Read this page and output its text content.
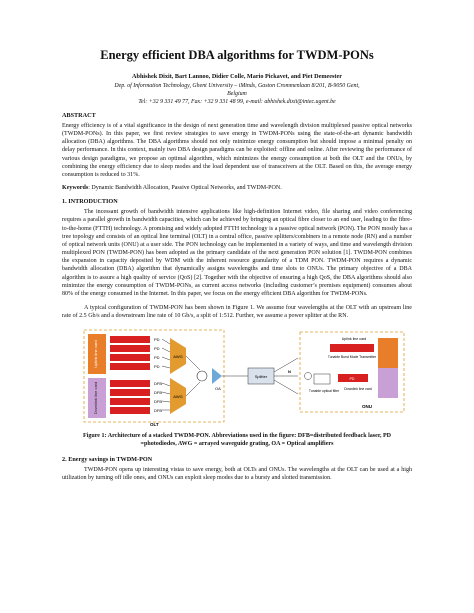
Energy efficient DBA algorithms for TWDM-PONs
Abhishek Dixit, Bart Lannoo, Didier Colle, Mario Pickavet, and Piet Demeester
Dep. of Information Technology, Ghent University – iMinds, Gaston Crommenlaan 8/201, B-9050 Gent,
Belgium
Tel: +32 9 331 49 77, Fax: +32 9 331 48 99, e-mail: abhishek.dixit@intec.ugent.be
ABSTRACT

Energy efficiency is of a vital significance in the design of next generation time and wavelength division multiplexed passive optical networks (TWDM-PONs). In this paper, we first review strategies to save energy in TWDM-PONs using the state-of-the-art dynamic bandwidth allocation (DBA) algorithms. The DBA algorithms should not only minimize energy consumption but should impose a minimal penalty on delay performance. In this context, mainly two DBA design paradigms can be exploited: offline and online. After reviewing the performance of various design paradigms, we propose an optimal algorithm, which minimizes the energy consumption at both the OLT and the ONUs, by combining the energy efficiency due to sleep modes and the load dependent use of transceivers at the OLT. Based on this, the average energy consumption is reduced to 31%.

Keywords: Dynamic Bandwidth Allocation, Passive Optical Networks, and TWDM-PON.
1. INTRODUCTION

The incessant growth of bandwidth intensive applications like high-definition Internet video, file sharing and video conferencing requires a parallel growth in bandwidth capacities, which can be achieved by bringing an optical fibre closer to an end user, leading to the fibre-to-the-home (FTTH) technology. A promising and widely adopted FTTH technology is a passive optical network (PON). The PON mostly has a tree topology and consists of an optical line terminal (OLT) in a central office, passive splitters/combiners in a remote node (RN) and a number of optical network units (ONU) at a user side. The PON technology can be implemented in a variety of ways, and time and wavelength division multiplexed PON (TWDM-PON) has been adopted as the primary candidate of the next generation PON solution [1]. TWDM-PON combines the expansion in capacity deposited by WDM with the inherent resource granularity of a TDM PON. TWDM-PON requires a dynamic bandwidth allocation (DBA) algorithm that dynamically assigns wavelengths and time slots to ONUs. The primary objective of a DBA algorithm is to assure a high quality of service (QoS) [2]. Together with the objective of ensuring a high QoS, the DBA algorithms should also minimize the energy consumption of TWDM-PONs, as current access networks (including customer’s premises equipment) consumes about 80% of the energy consumed in the Internet. In this paper, we focus on the energy efficient DBA algorithm for TWDM-PONs.

A typical configuration of TWDM-PON has been shown in Figure 1. We assume four wavelengths at the OLT with an upstream line rate of 2.5 Gb/s and a downstream line rate of 10 Gb/s, a split of 1:512. Further, we assume a power splitter at the RN.

Uplink line card
Downlink line card
PD
PD
PD
PD
DFB
DFB
DFB
DFB
AWG
AWG
OA
OLT
Splitter
N
Uplink line card
Tunable Burst Mode Transmitter
Tunable optical filter
PD
Downlink line card
ONU
Figure 1: Architecture of a stacked TWDM-PON. Abbreviations used in the figure: DFB=distributed feedback laser, PD =photodiodes, AWG = arrayed waveguide grating, OA = Optical amplifiers
2. Energy savings in TWDM-PON

TWDM-PON opens up interesting vistas to save energy, both at OLTs and ONUs. The wavelengths at the OLT can be used at a high utilization by turning off idle ones, and ONUs can exploit sleep modes due to a bursty and slotted transmission.
